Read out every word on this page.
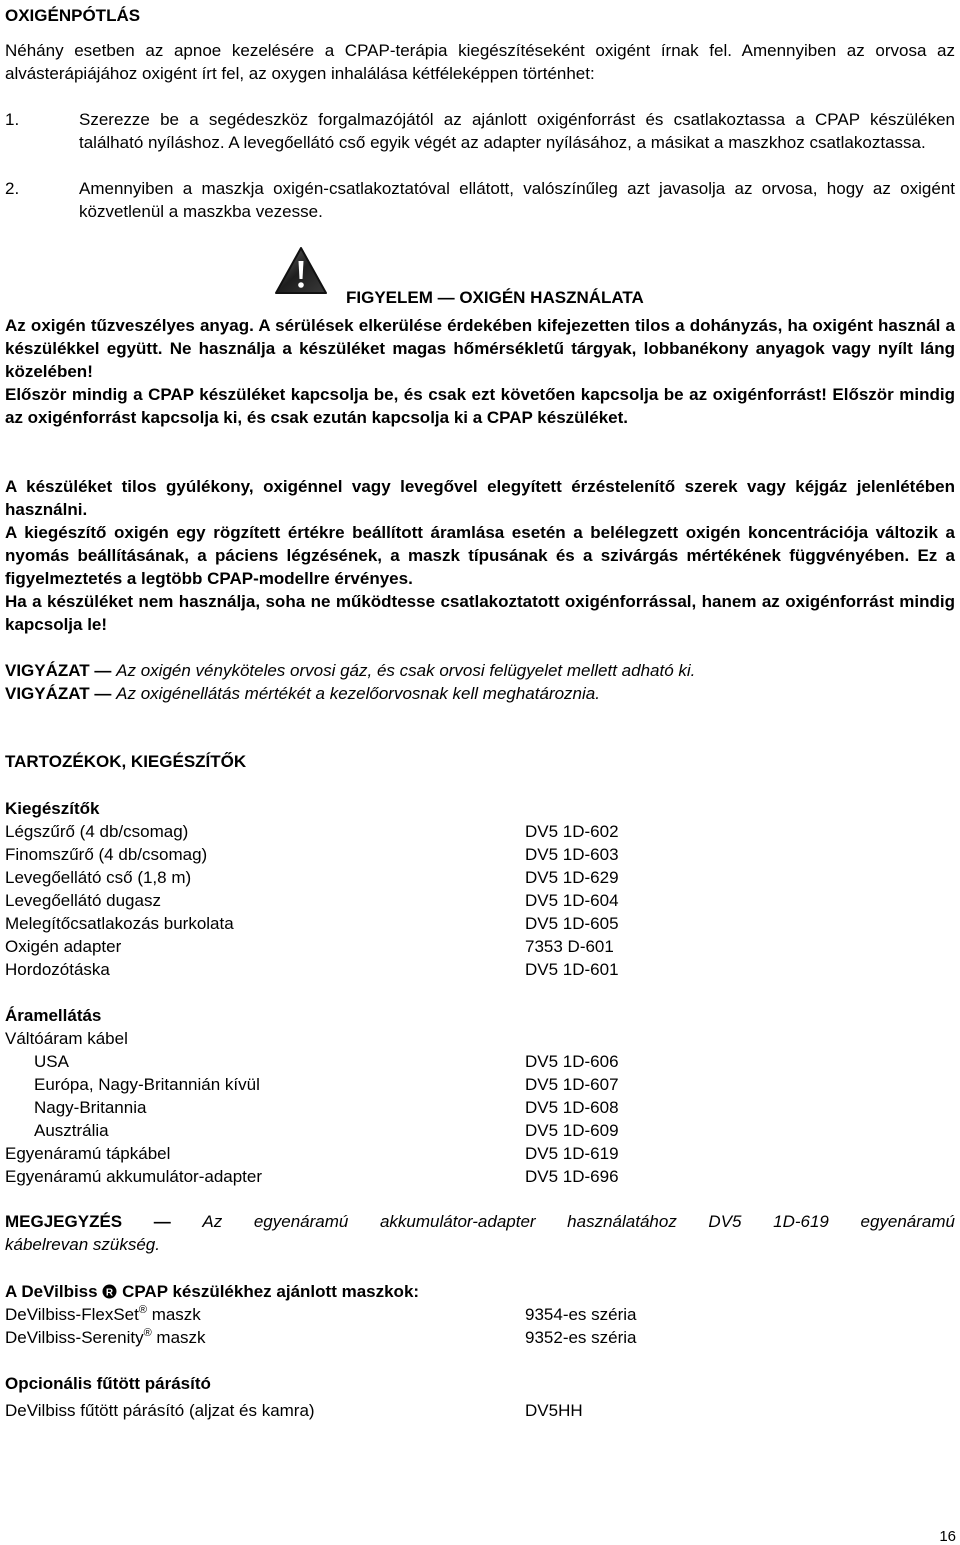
OXIGÉNPÓTLÁS
Néhány esetben az apnoe kezelésére a CPAP-terápia kiegészítéseként oxigént írnak fel. Amennyiben az orvosa az alvásterápiájához oxigént írt fel, az oxygen inhalálása kétféleképpen történhet:
1.	Szerezze be a segédeszköz forgalmazójától az ajánlott oxigénforrást és csatlakoztassa a CPAP készüléken található nyíláshoz. A levegőellátó cső egyik végét az adapter nyílásához, a másikat a maszkhoz csatlakoztassa.
2.	Amennyiben a maszkja oxigén-csatlakoztatóval ellátott, valószínűleg azt javasolja az orvosa, hogy az oxigént közvetlenül a maszkba vezesse.
FIGYELEM — OXIGÉN HASZNÁLATA
Az oxigén tűzveszélyes anyag. A sérülések elkerülése érdekében kifejezetten tilos a dohányzás, ha oxigént használ a készülékkel együtt. Ne használja a készüléket magas hőmérsékletű tárgyak, lobbanékony anyagok vagy nyílt láng közelében!
Először mindig a CPAP készüléket kapcsolja be, és csak ezt követően kapcsolja be az oxigénforrást! Először mindig az oxigénforrást kapcsolja ki, és csak ezután kapcsolja ki a CPAP készüléket.
A készüléket tilos gyúlékony, oxigénnel vagy levegővel elegyített érzéstelenítő szerek vagy kéjgáz jelenlétében használni.
A kiegészítő oxigén egy rögzített értékre beállított áramlása esetén a belélegzett oxigén koncentrációja változik a nyomás beállításának, a páciens légzésének, a maszk típusának és a szivárgás mértékének függvényében. Ez a figyelmeztetés a legtöbb CPAP-modellre érvényes.
Ha a készüléket nem használja, soha ne működtesse csatlakoztatott oxigénforrással, hanem az oxigénforrást mindig kapcsolja le!
VIGYÁZAT — Az oxigén vényköteles orvosi gáz, és csak orvosi felügyelet mellett adható ki.
VIGYÁZAT — Az oxigénellátás mértékét a kezelőorvosnak kell meghatároznia.
TARTOZÉKOK, KIEGÉSZÍTŐK
Kiegészítők
Légszűrő (4 db/csomag)	DV5 1D-602
Finomszűrő (4 db/csomag)	DV5 1D-603
Levegőellátó cső (1,8 m)	DV5 1D-629
Levegőellátó dugasz	DV5 1D-604
Melegítőcsatlakozás burkolata	DV5 1D-605
Oxigén adapter	7353 D-601
Hordozótáska	DV5 1D-601
Áramellátás
Váltóáram kábel
USA	DV5 1D-606
Európa, Nagy-Britannián kívül	DV5 1D-607
Nagy-Britannia	DV5 1D-608
Ausztrália	DV5 1D-609
Egyenáramú tápkábel	DV5 1D-619
Egyenáramú akkumulátor-adapter	DV5 1D-696
MEGJEGYZÉS — Az egyenáramú akkumulátor-adapter használatához DV5 1D-619 egyenáramú
kábelrevan szükség.
A DeVilbiss R CPAP készülékhez ajánlott maszkok:
DeVilbiss-FlexSet® maszk	9354-es széria
DeVilbiss-Serenity® maszk	9352-es széria
Opcionális fűtött párásító
DeVilbiss fűtött párásító (aljzat és kamra)	DV5HH
16
